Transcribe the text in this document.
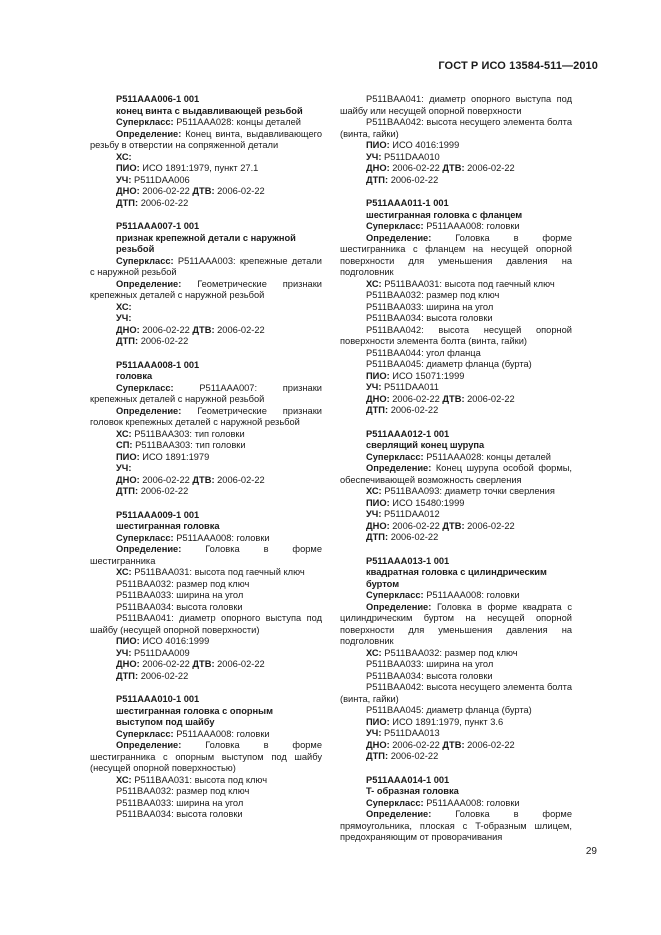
ГОСТ Р ИСО 13584-511—2010
P511AAA006-1 001
конец винта с выдавливающей резьбой
Суперкласс: P511AAA028: концы деталей
Определение: Конец винта, выдавливающего резьбу в отверстии на сопряженной детали
ХС:
ПИО: ИСО 1891:1979, пункт 27.1
УЧ: P511DAA006
ДНО: 2006-02-22 ДТВ: 2006-02-22
ДТП: 2006-02-22
P511AAA007-1 001
признак крепежной детали с наружной резьбой
Суперкласс: P511AAA003: крепежные детали с наружной резьбой
Определение: Геометрические признаки крепежных деталей с наружной резьбой
ХС:
УЧ:
ДНО: 2006-02-22 ДТВ: 2006-02-22
ДТП: 2006-02-22
P511AAA008-1 001
головка
Суперкласс:	P511AAA007: признаки крепежных деталей с наружной резьбой
Определение: Геометрические признаки головок крепежных деталей с наружной резьбой
ХС: P511BAA303: тип головки
СП: P511BAA303: тип головки
ПИО: ИСО 1891:1979
УЧ:
ДНО: 2006-02-22 ДТВ: 2006-02-22
ДТП: 2006-02-22
P511AAA009-1 001
шестигранная головка
Суперкласс: P511AAA008: головки
Определение:	Головка в форме шестигранника
ХС: P511BAA031: высота под гаечный ключ
P511BAA032: размер под ключ
P511BAA033: ширина на угол
P511BAA034: высота головки
P511BAA041: диаметр опорного выступа под шайбу (несущей опорной поверхности)
ПИО: ИСО 4016:1999
УЧ: P511DAA009
ДНО: 2006-02-22 ДТВ: 2006-02-22
ДТП: 2006-02-22
P511AAA010-1 001
шестигранная головка с опорным выступом под шайбу
Суперкласс: P511AAA008: головки
Определение:	Головка в форме шестигранника с опорным выступом под шайбу (несущей опорной поверхностью)
ХС: P511BAA031: высота под ключ
P511BAA032: размер под ключ
P511BAA033: ширина на угол
P511BAA034: высота головки
P511BAA041: диаметр опорного выступа под шайбу или несущей опорной поверхности
P511BAA042: высота несущего элемента болта (винта, гайки)
ПИО: ИСО 4016:1999
УЧ: P511DAA010
ДНО: 2006-02-22 ДТВ: 2006-02-22
ДТП: 2006-02-22
P511AAA011-1 001
шестигранная головка с фланцем
Суперкласс: P511AAA008: головки
Определение:	Головка в форме шестигранника с фланцем на несущей опорной поверхности для уменьшения давления на подголовник
ХС: P511BAA031: высота под гаечный ключ
P511BAA032: размер под ключ
P511BAA033: ширина на угол
P511BAA034: высота головки
P511BAA042: высота несущей опорной поверхности элемента болта (винта, гайки)
P511BAA044: угол фланца
P511BAA045: диаметр фланца (бурта)
ПИО: ИСО 15071:1999
УЧ: P511DAA011
ДНО: 2006-02-22 ДТВ: 2006-02-22
ДТП: 2006-02-22
P511AAA012-1 001
сверлящий конец шурупа
Суперкласс: P511AAA028: концы деталей
Определение: Конец шурупа особой формы, обеспечивающей возможность сверления
ХС: P511BAA093: диаметр точки сверления
ПИО: ИСО 15480:1999
УЧ: P511DAA012
ДНО: 2006-02-22 ДТВ: 2006-02-22
ДТП: 2006-02-22
P511AAA013-1 001
квадратная головка с цилиндрическим буртом
Суперкласс: P511AAA008: головки
Определение: Головка в форме квадрата с цилиндрическим буртом на несущей опорной поверхности для уменьшения давления на подголовник
ХС: P511BAA032: размер под ключ
P511BAA033: ширина на угол
P511BAA034: высота головки
P511BAA042: высота несущего элемента болта (винта, гайки)
P511BAA045: диаметр фланца (бурта)
ПИО: ИСО 1891:1979, пункт 3.6
УЧ: P511DAA013
ДНО: 2006-02-22 ДТВ: 2006-02-22
ДТП: 2006-02-22
P511AAA014-1 001
T- образная головка
Суперкласс: P511AAA008: головки
Определение:	Головка в форме прямоугольника, плоская с T-образным шлицем, предохраняющим от проворачивания
29
